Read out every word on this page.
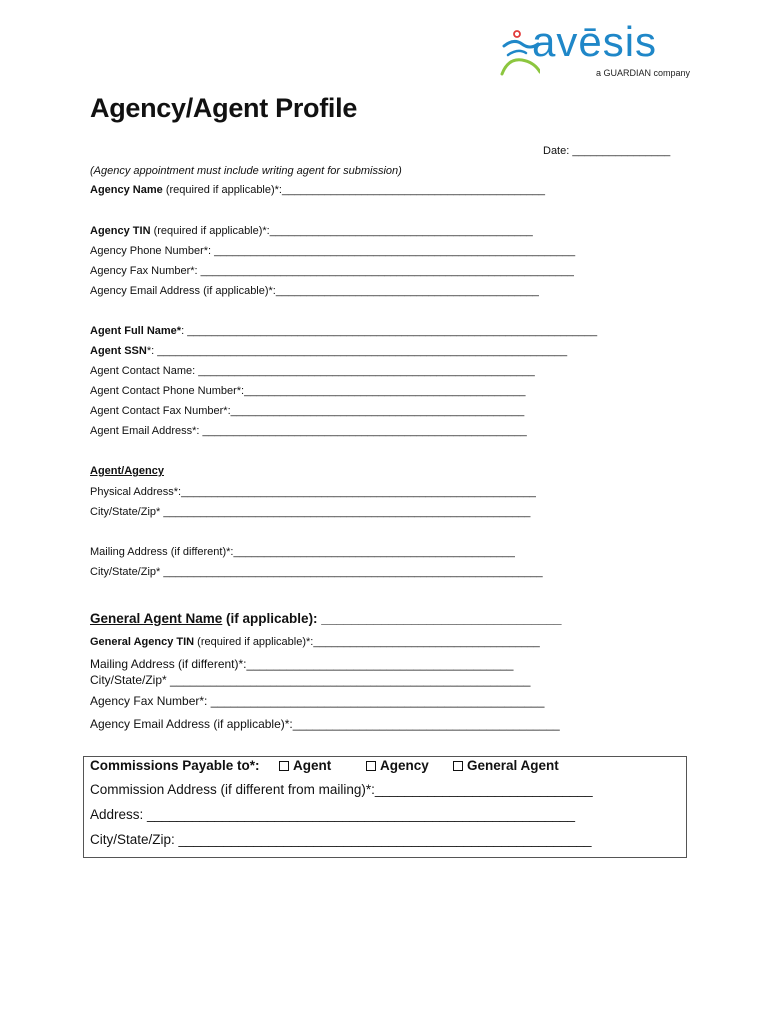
avēsis
a GUARDIAN company
Agency/Agent Profile
Date: ________________
(Agency appointment must include writing agent for submission)
Agency Name (required if applicable)*:___________________________________________
Agency TIN (required if applicable)*:___________________________________________
Agency Phone Number*: ___________________________________________________________
Agency Fax Number*: _____________________________________________________________
Agency Email Address (if applicable)*:___________________________________________
Agent Full Name*: ___________________________________________________________________
Agent SSN*: ___________________________________________________________________
Agent Contact Name: _______________________________________________________
Agent Contact Phone Number*:______________________________________________
Agent Contact Fax Number*:________________________________________________
Agent Email Address*: _____________________________________________________
Agent/Agency
Physical Address*:__________________________________________________________
City/State/Zip* ____________________________________________________________
Mailing Address (if different)*:______________________________________________
City/State/Zip* ______________________________________________________________
General Agent Name (if applicable): ________________________________
General Agency TIN (required if applicable)*:_____________________________________
Mailing Address (if different)*:________________________________________
City/State/Zip* ______________________________________________________
Agency Fax Number*: __________________________________________________
Agency Email Address (if applicable)*:________________________________________
Commissions Payable to*:	Agent	Agency	General Agent
Commission Address (if different from mailing)*:_____________________________
Address: _________________________________________________________
City/State/Zip: _______________________________________________________
